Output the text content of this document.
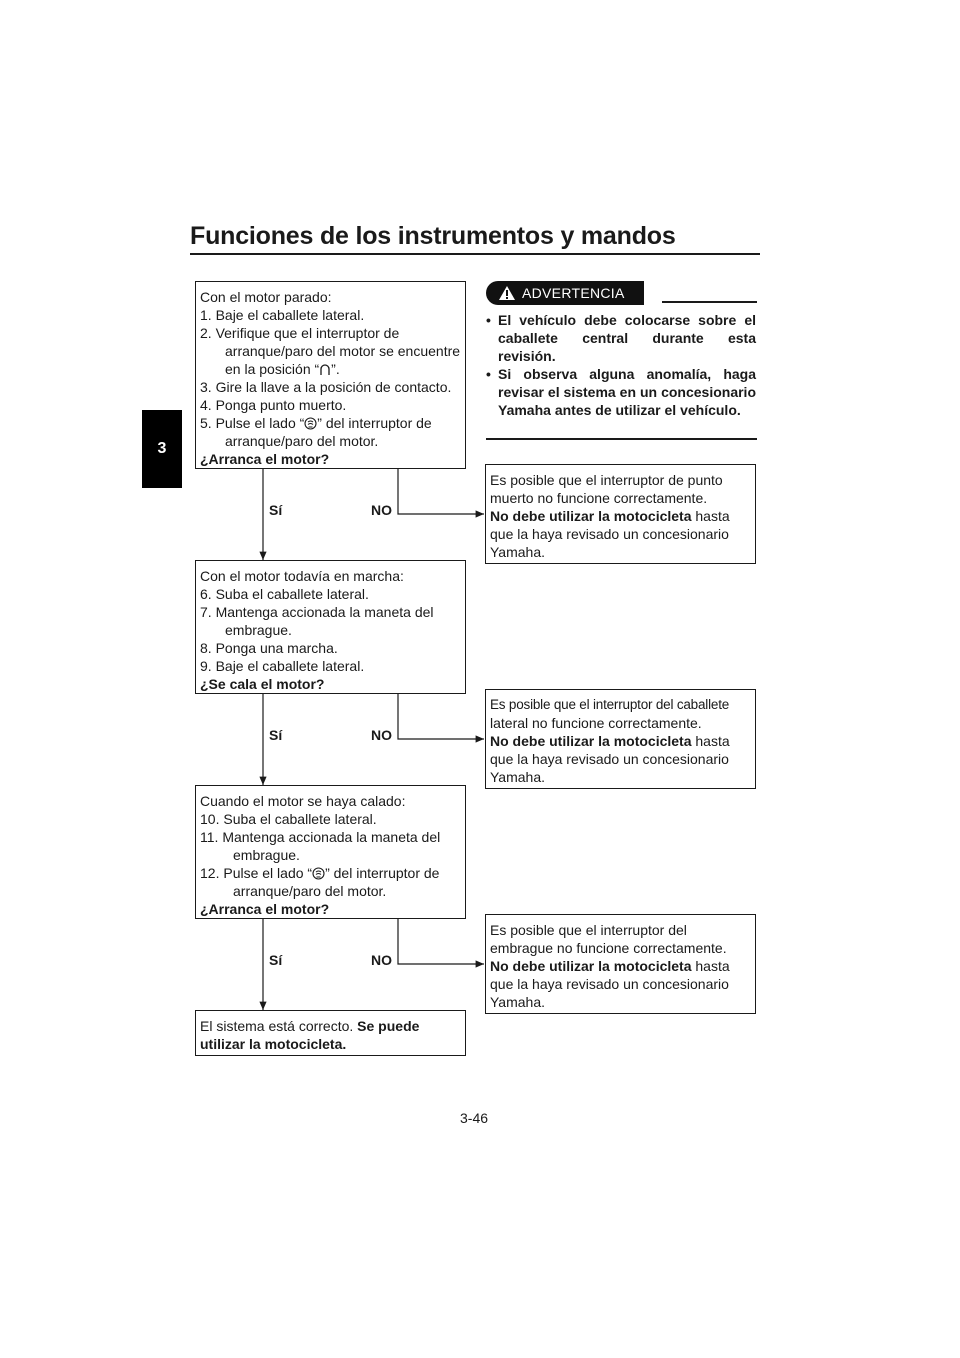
Funciones de los instrumentos y mandos
3
Con el motor parado:
1. Baje el caballete lateral.
2. Verifique que el interruptor de
arranque/paro del motor se encuentre
en la posición “ ”.
3. Gire la llave a la posición de contacto.
4. Ponga punto muerto.
5. Pulse el lado “ ” del interruptor de
arranque/paro del motor.
¿Arranca el motor?
Sí	NO
Con el motor todavía en marcha:
6. Suba el caballete lateral.
7. Mantenga accionada la maneta del
embrague.
8. Ponga una marcha.
9. Baje el caballete lateral.
¿Se cala el motor?
Sí	NO
Cuando el motor se haya calado:
10. Suba el caballete lateral.
11. Mantenga accionada la maneta del
embrague.
12. Pulse el lado “ ” del interruptor de
arranque/paro del motor.
¿Arranca el motor?
Sí	NO
El sistema está correcto. Se puede utilizar la motocicleta.
ADVERTENCIA
• El vehículo debe colocarse sobre el caballete central durante esta revisión.
• Si observa alguna anomalía, haga revisar el sistema en un concesionario Yamaha antes de utilizar el vehículo.
Es posible que el interruptor de punto
muerto no funcione correctamente.
No debe utilizar la motocicleta hasta
que la haya revisado un concesionario
Yamaha.
Es posible que el interruptor del caballete
lateral no funcione correctamente.
No debe utilizar la motocicleta hasta
que la haya revisado un concesionario
Yamaha.
Es posible que el interruptor del
embrague no funcione correctamente.
No debe utilizar la motocicleta hasta
que la haya revisado un concesionario
Yamaha.
3-46
